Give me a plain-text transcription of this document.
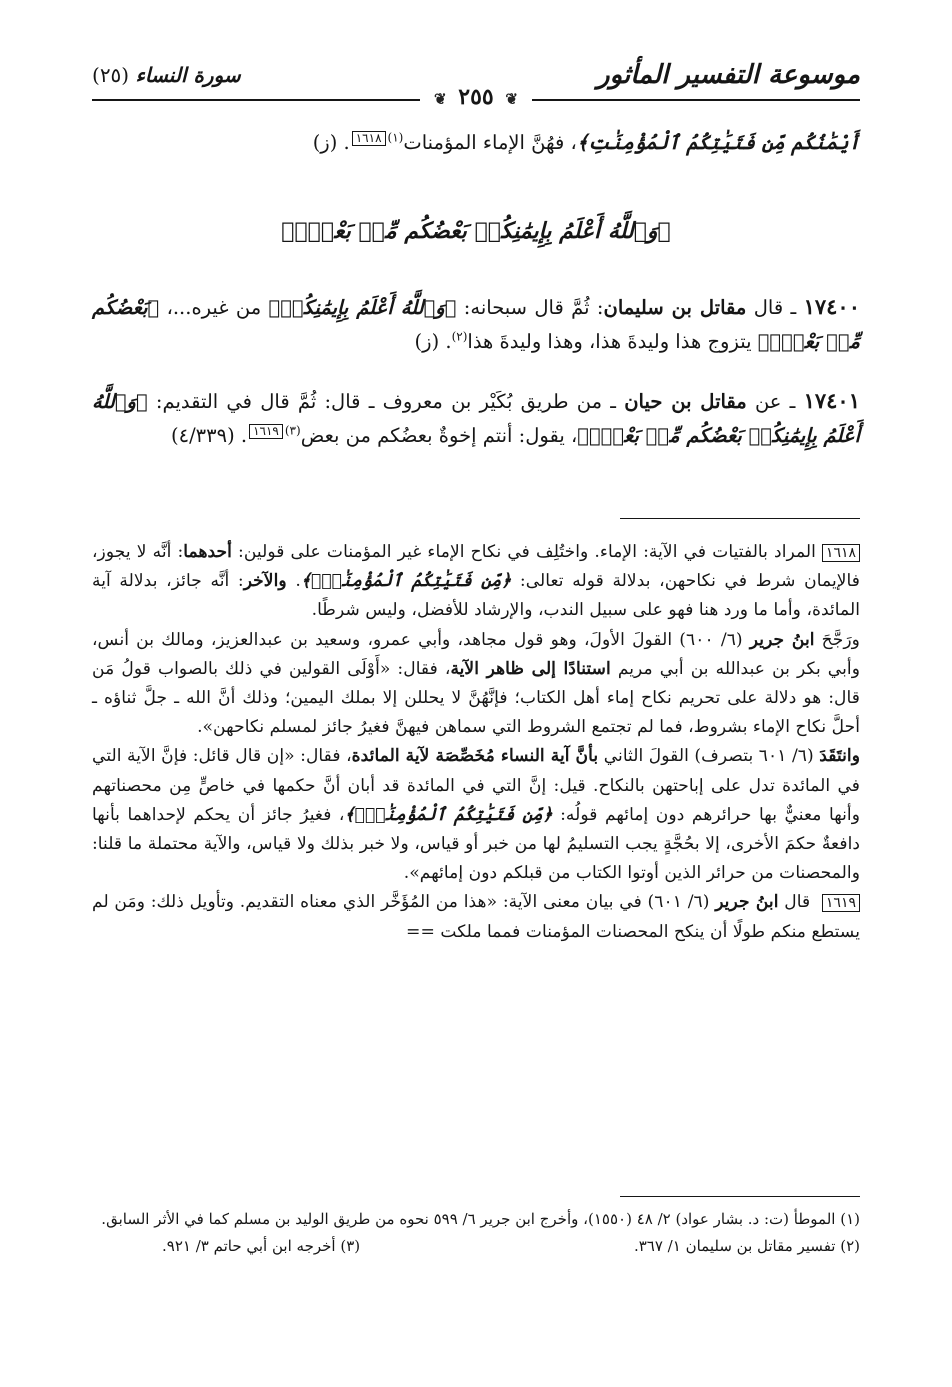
موسوعة التفسير المأثور
سورة النساء (٢٥)
❦ ٢٥٥ ❦
أَيْمَٰنُكُم مِّن فَتَيَٰتِكُمُ ٱلْمُؤْمِنَٰتِ﴾، فهُنَّ الإماء المؤمنات$^{(١)}$١٦١٨. (ز)
﴿وَٱللَّهُ أَعْلَمُ بِإِيمَٰنِكُمۚ بَعْضُكُم مِّنۢ بَعْضٍۚ﴾
١٧٤٠٠ ـ قال مقاتل بن سليمان: ثُمَّ قال سبحانه: ﴿وَٱللَّهُ أَعْلَمُ بِإِيمَٰنِكُمۚ﴾ من غيره...، ﴿بَعْضُكُم مِّنۢ بَعْضٍۚ﴾ يتزوج هذا وليدةَ هذا، وهذا وليدةَ هذا$^{(٢)}$. (ز)
١٧٤٠١ ـ عن مقاتل بن حيان ـ من طريق بُكَيْر بن معروف ـ قال: ثُمَّ قال في التقديم: ﴿وَٱللَّهُ أَعْلَمُ بِإِيمَٰنِكُمۚ بَعْضُكُم مِّنۢ بَعْضٍۚ﴾، يقول: أنتم إخوةٌ بعضُكم من بعض$^{(٣)}$١٦١٩. (٤/٣٣٩)

١٦١٨المراد بالفتيات في الآية: الإماء. واختُلِف في نكاح الإماء غير المؤمنات على قولين: أحدهما: أنَّه لا يجوز، فالإيمان شرط في نكاحهن، بدلالة قوله تعالى: ﴿مِّن فَتَيَٰتِكُمُ ٱلْمُؤْمِنَٰتِۚ﴾. والآخر: أنَّه جائز، بدلالة آية المائدة، وأما ما ورد هنا فهو على سبيل الندب، والإرشاد للأفضل، وليس شرطًا.

ورَجَّحَ ابنُ جرير (٦/ ٦٠٠) القولَ الأولَ، وهو قول مجاهد، وأبي عمرو، وسعيد بن عبدالعزيز، ومالك بن أنس، وأبي بكر بن عبدالله بن أبي مريم استنادًا إلى ظاهر الآية، فقال: «أَوْلَى القولين في ذلك بالصواب قولُ مَن قال: هو دلالة على تحريم نكاح إماء أهل الكتاب؛ فإنَّهُنَّ لا يحللن إلا بملك اليمين؛ وذلك أنَّ الله ـ جلَّ ثناؤه ـ أحلَّ نكاح الإماء بشروط، فما لم تجتمع الشروط التي سماهن فيهنَّ فغيرُ جائز لمسلم نكاحهن».

وانتَقَدَ (٦/ ٦٠١ بتصرف) القولَ الثاني بأنَّ آية النساء مُخَصِّصَة لآية المائدة، فقال: «إن قال قائل: فإنَّ الآية التي في المائدة تدل على إباحتهن بالنكاح. قيل: إنَّ التي في المائدة قد أبان أنَّ حكمها في خاصٍّ مِن محصناتهم وأنها معنيٌّ بها حرائرهم دون إمائهم قولُه: ﴿مِّن فَتَيَٰتِكُمُ ٱلْمُؤْمِنَٰتِۚ﴾، فغيرُ جائز أن يحكم لإحداهما بأنها دافعةٌ حكمَ الأخرى، إلا بحُجَّةٍ يجب التسليمُ لها من خبر أو قياس، ولا خبر بذلك ولا قياس، والآية محتملة ما قلنا: والمحصنات من حرائر الذين أوتوا الكتاب من قبلكم دون إمائهم».

١٦١٩ قال ابنُ جرير (٦/ ٦٠١) في بيان معنى الآية: «هذا من المُؤَخَّر الذي معناه التقديم. وتأويل ذلك: ومَن لم يستطع منكم طولًا أن ينكح المحصنات المؤمنات فمما ملكت ==

(١) الموطأ (ت: د. بشار عواد) ٢/ ٤٨ (١٥٥٠)، وأخرج ابن جرير ٦/ ٥٩٩ نحوه من طريق الوليد بن مسلم كما في الأثر السابق.

(٢) تفسير مقاتل بن سليمان ١/ ٣٦٧.
(٣) أخرجه ابن أبي حاتم ٣/ ٩٢١.
